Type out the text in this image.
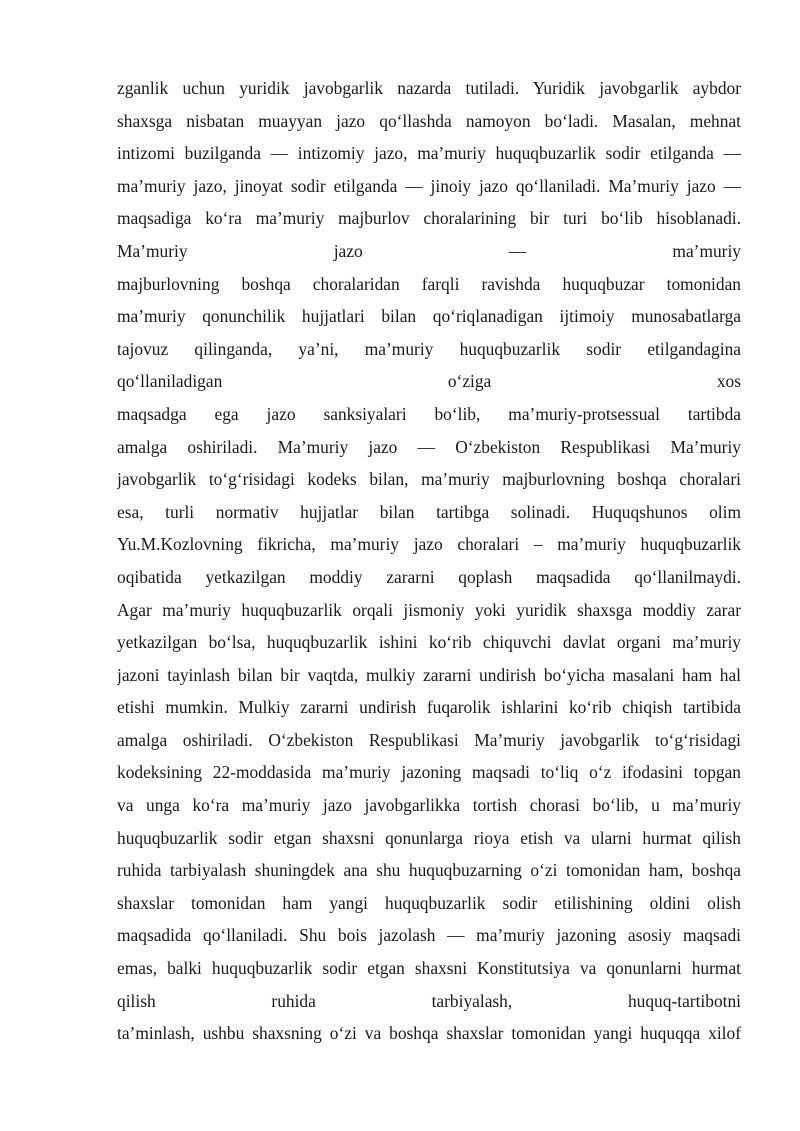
zganlik uchun yuridik javobgarlik nazarda tutiladi. Yuridik javobgarlik aybdor
shaxsga nisbatan muayyan jazo qo‘llashda namoyon bo‘ladi. Masalan, mehnat
intizomi buzilganda — intizomiy jazo, ma’muriy huquqbuzarlik sodir etilganda —
ma’muriy jazo, jinoyat sodir etilganda — jinoiy jazo qo‘llaniladi. Ma’muriy jazo —
maqsadiga ko‘ra ma’muriy majburlov choralarining bir turi bo‘lib hisoblanadi.
Ma’muriy jazo — ma’muriy
majburlovning boshqa choralaridan farqli ravishda huquqbuzar tomonidan
ma’muriy qonunchilik hujjatlari bilan qo‘riqlanadigan ijtimoiy munosabatlarga
tajovuz qilinganda, ya’ni, ma’muriy huquqbuzarlik sodir etilgandagina
qo‘llaniladigan o‘ziga xos
maqsadga ega jazo sanksiyalari bo‘lib, ma’muriy-protsessual tartibda
amalga oshiriladi. Ma’muriy jazo — O‘zbekiston Respublikasi Ma’muriy
javobgarlik to‘g‘risidagi kodeks bilan, ma’muriy majburlovning boshqa choralari
esa, turli normativ hujjatlar bilan tartibga solinadi. Huquqshunos olim
Yu.M.Kozlovning fikricha, ma’muriy jazo choralari – ma’muriy huquqbuzarlik
oqibatida yetkazilgan moddiy zararni qoplash maqsadida qo‘llanilmaydi.
Agar ma’muriy huquqbuzarlik orqali jismoniy yoki yuridik shaxsga moddiy zarar
yetkazilgan bo‘lsa, huquqbuzarlik ishini ko‘rib chiquvchi davlat organi ma’muriy
jazoni tayinlash bilan bir vaqtda, mulkiy zararni undirish bo‘yicha masalani ham hal
etishi mumkin. Mulkiy zararni undirish fuqarolik ishlarini ko‘rib chiqish tartibida
amalga oshiriladi. O‘zbekiston Respublikasi Ma’muriy javobgarlik to‘g‘risidagi
kodeksining 22-moddasida ma’muriy jazoning maqsadi to‘liq o‘z ifodasini topgan
va unga ko‘ra ma’muriy jazo javobgarlikka tortish chorasi bo‘lib, u ma’muriy
huquqbuzarlik sodir etgan shaxsni qonunlarga rioya etish va ularni hurmat qilish
ruhida tarbiyalash shuningdek ana shu huquqbuzarning o‘zi tomonidan ham, boshqa
shaxslar tomonidan ham yangi huquqbuzarlik sodir etilishining oldini olish
maqsadida qo‘llaniladi. Shu bois jazolash — ma’muriy jazoning asosiy maqsadi
emas, balki huquqbuzarlik sodir etgan shaxsni Konstitutsiya va qonunlarni hurmat
qilish ruhida tarbiyalash, huquq-tartibotni
ta’minlash, ushbu shaxsning o‘zi va boshqa shaxslar tomonidan yangi huquqqa xilof
